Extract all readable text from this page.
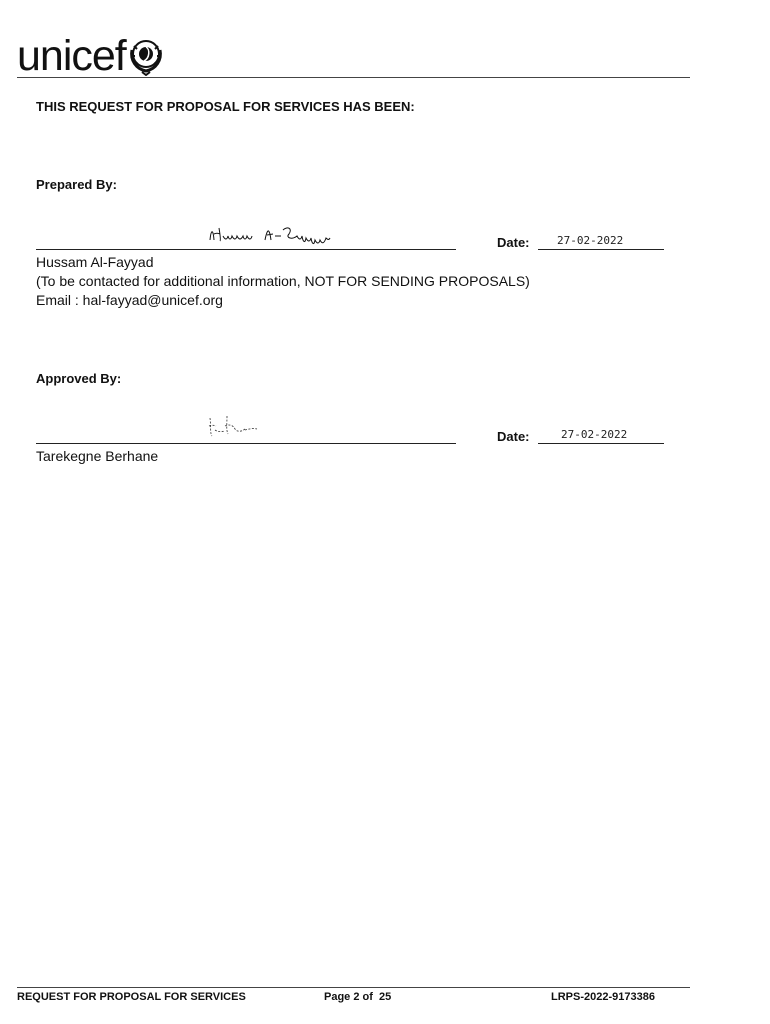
unicef
THIS REQUEST FOR PROPOSAL FOR SERVICES HAS BEEN:
Prepared By:
Date: 27-02-2022
Hussam Al-Fayyad
(To be contacted for additional information, NOT FOR SENDING PROPOSALS)
Email : hal-fayyad@unicef.org
Approved By:
Date:	27-02-2022
Tarekegne Berhane
REQUEST FOR PROPOSAL FOR SERVICES	Page 2 of  25	LRPS-2022-9173386
